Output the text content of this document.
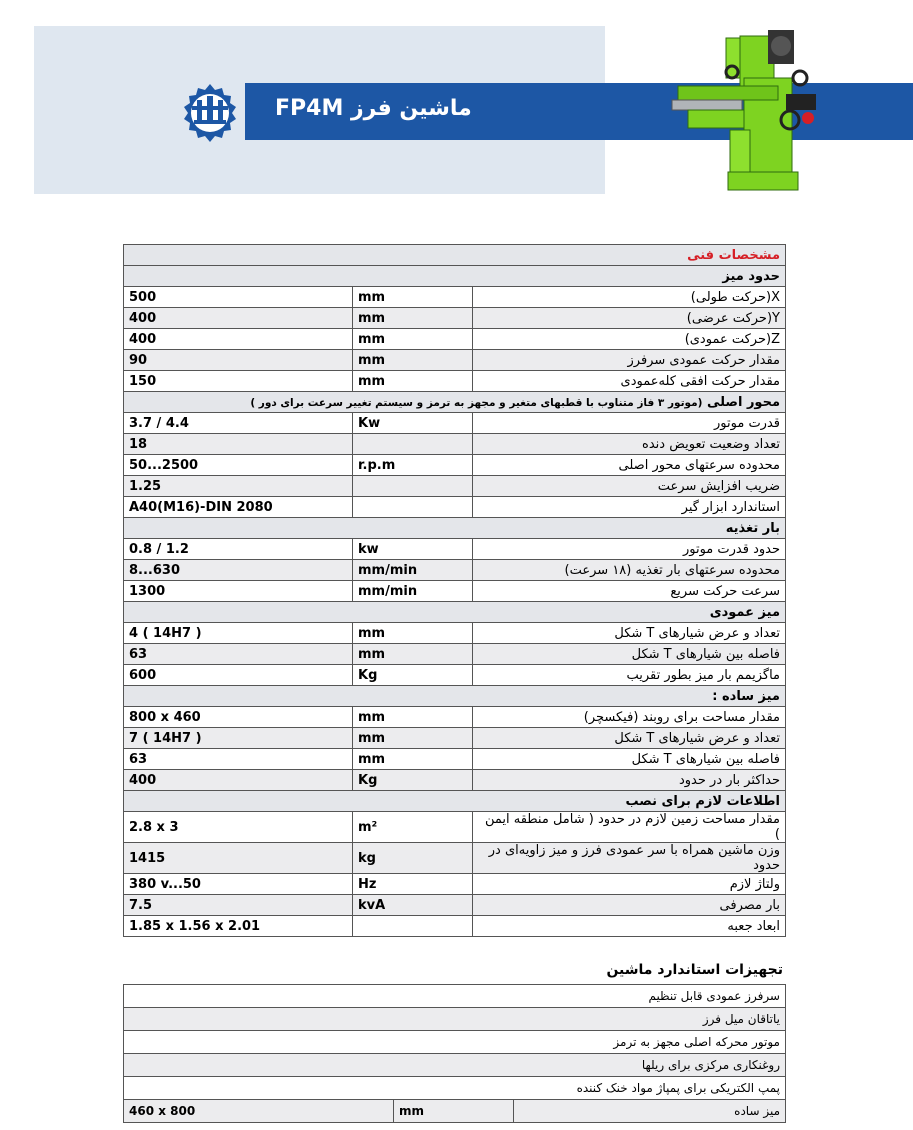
FP4M ماشین فرز
مشخصات فنی		
حدود میز		
500	mm	X(حرکت طولی)
400	mm	Y(حرکت عرضی)
400	mm	Z(حرکت عمودی)
90	mm	مقدار حرکت عمودی سرفرز
150	mm	مقدار حرکت افقی کله‌عمودی
محور اصلی (موتور ۳ فاز متناوب با قطبهای متغیر و مجهز به ترمز و سیستم تغییر سرعت برای دور )		
3.7 / 4.4	Kw	قدرت موتور
18		تعداد وضعیت تعویض دنده
50...2500	r.p.m	محدوده سرعتهای محور اصلی
1.25		ضریب افزایش سرعت
A40(M16)-DIN 2080		استاندارد ابزار گیر
بار تغذیه		
0.8 / 1.2	kw	حدود قدرت موتور
8...630	mm/min	محدوده سرعتهای بار تغذیه (۱۸ سرعت)
1300	mm/min	سرعت حرکت سریع
میز عمودی		
4 ( 14H7 )	mm	تعداد و عرض شیارهای T شکل
63	mm	فاصله بین شیارهای T شکل
600	Kg	ماگزیمم بار میز بطور تقریب
میز ساده :		
800 x 460	mm	مقدار مساحت برای روبند (فیکسچر)
7 ( 14H7 )	mm	تعداد و عرض شیارهای T شکل
63	mm	فاصله بین شیارهای T شکل
400	Kg	حداکثر بار در حدود
اطلاعات لازم برای نصب		
2.8 x 3	m²	مقدار مساحت زمین لازم در حدود ( شامل منطقه ایمن )
1415	kg	وزن ماشین همراه با سر عمودی فرز و میز زاویه‌ای در حدود
380 v...50	Hz	ولتاژ لازم
7.5	kvA	بار مصرفی
1.85 x 1.56 x 2.01		ابعاد جعبه
تجهیزات استاندارد ماشین
سرفرز عمودی قابل تنظیم
یاتاقان میل فرز
موتور محرکه اصلی مجهز به ترمز
روغنکاری مرکزی برای ریلها
پمپ الکتریکی برای پمپاژ مواد خنک کننده
460 x 800	mm	میز ساده
